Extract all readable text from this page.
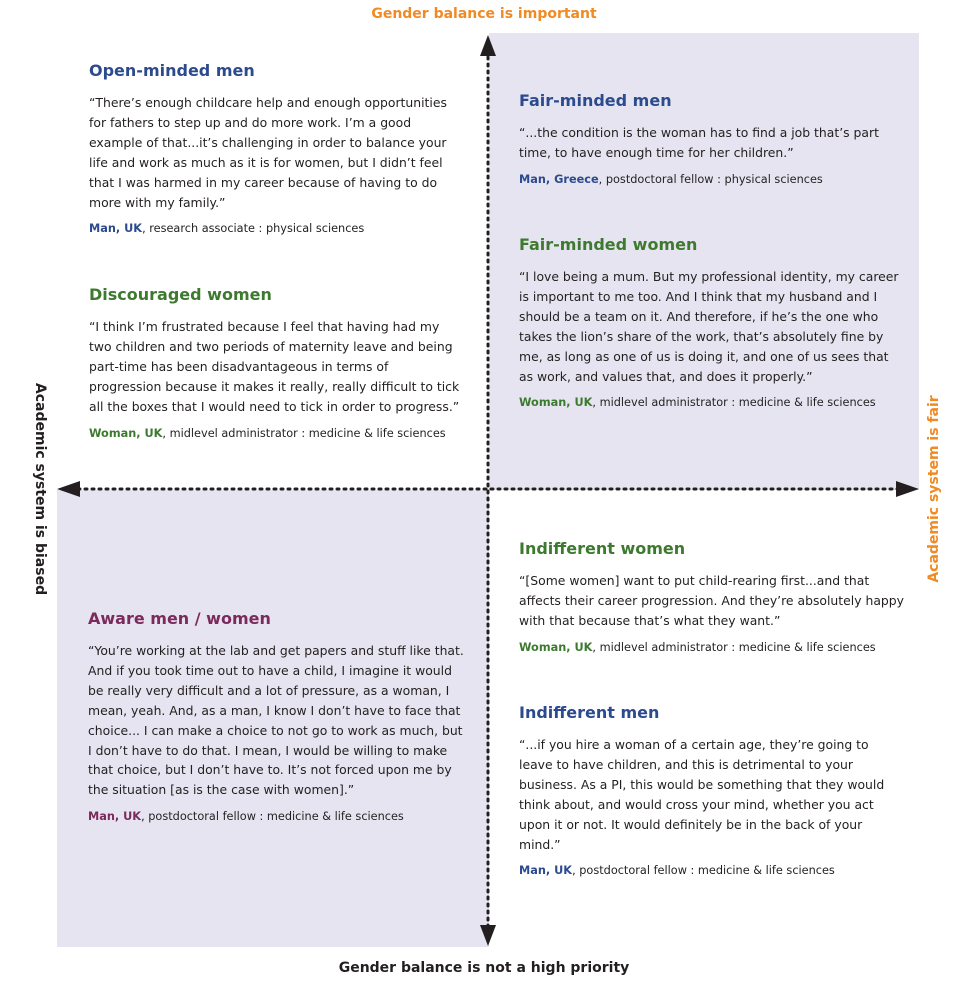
Gender balance is important
Gender balance is not a high priority
Academic system is biased	Academic system is fair
Open-minded men

“There’s enough childcare help and enough opportunities for fathers to step up and do more work. I’m a good example of that...it’s challenging in order to balance your life and work as much as it is for women, but I didn’t feel that I was harmed in my career because of having to do more with my family.”

Man, UK, research associate : physical sciences
Discouraged women

“I think I’m frustrated because I feel that having had my two children and two periods of maternity leave and being part-time has been disadvantageous in terms of progression because it makes it really, really difficult to tick all the boxes that I would need to tick in order to progress.”

Woman, UK, midlevel administrator : medicine & life sciences
Aware men / women

“You’re working at the lab and get papers and stuff like that. And if you took time out to have a child, I imagine it would be really very difficult and a lot of pressure, as a woman, I mean, yeah. And, as a man, I know I don’t have to face that choice... I can make a choice to not go to work as much, but I don’t have to do that. I mean, I would be willing to make that choice, but I don’t have to. It’s not forced upon me by the situation [as is the case with women].”

Man, UK, postdoctoral fellow : medicine & life sciences
Fair-minded men

“...the condition is the woman has to find a job that’s part time, to have enough time for her children.”

Man, Greece, postdoctoral fellow : physical sciences
Fair-minded women

“I love being a mum. But my professional identity, my career is important to me too. And I think that my husband and I should be a team on it. And therefore, if he’s the one who takes the lion’s share of the work, that’s absolutely fine by me, as long as one of us is doing it, and one of us sees that as work, and values that, and does it properly.”

Woman, UK, midlevel administrator : medicine & life sciences
Indifferent women

“[Some women] want to put child-rearing first...and that affects their career progression. And they’re absolutely happy with that because that’s what they want.”

Woman, UK, midlevel administrator : medicine & life sciences
Indifferent men

“...if you hire a woman of a certain age, they’re going to leave to have children, and this is detrimental to your business. As a PI, this would be something that they would think about, and would cross your mind, whether you act upon it or not. It would definitely be in the back of your mind.”

Man, UK, postdoctoral fellow : medicine & life sciences
